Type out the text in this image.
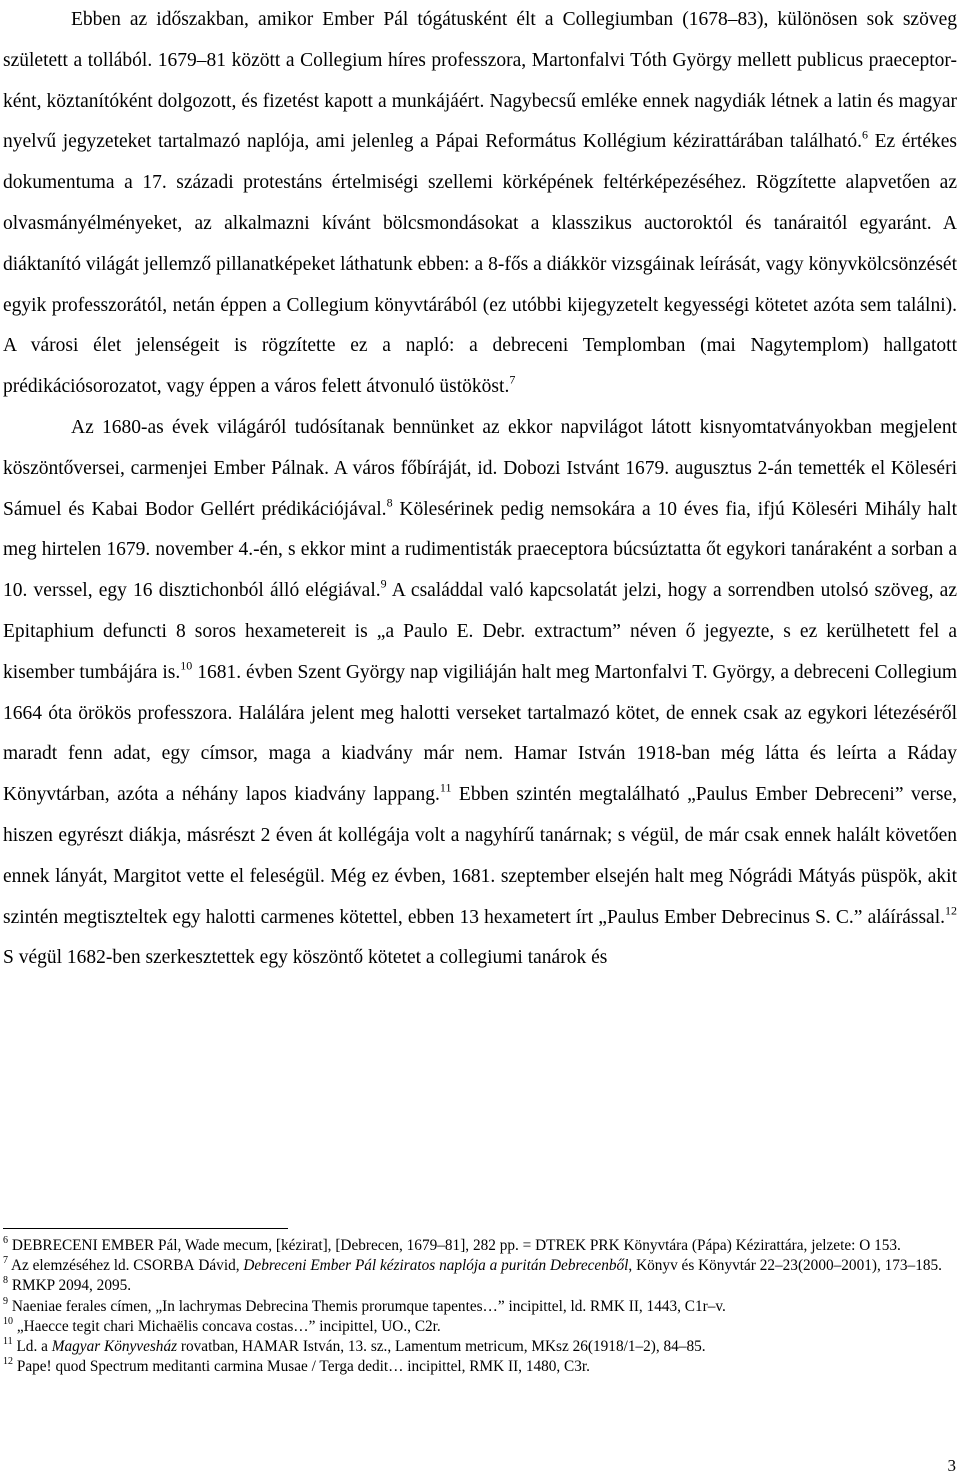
Ebben az időszakban, amikor Ember Pál tógátusként élt a Collegiumban (1678–83), különösen sok szöveg született a tollából. 1679–81 között a Collegium híres professzora, Martonfalvi Tóth György mellett publicus praeceptor-ként, köztanítóként dolgozott, és fizetést kapott a munkájáért. Nagybecsű emléke ennek nagydiák létnek a latin és magyar nyelvű jegyzeteket tartalmazó naplója, ami jelenleg a Pápai Református Kollégium kézirattárában található.$^6$ Ez értékes dokumentuma a 17. századi protestáns értelmiségi szellemi körképének feltérképezéséhez. Rögzítette alapvetően az olvasmányélményeket, az alkalmazni kívánt bölcsmondásokat a klasszikus auctoroktól és tanáraitól egyaránt. A diáktanító világát jellemző pillanatképeket láthatunk ebben: a 8-fős a diákkör vizsgáinak leírását, vagy könyvkölcsönzését egyik professzorától, netán éppen a Collegium könyvtárából (ez utóbbi kijegyzetelt kegyességi kötetet azóta sem találni). A városi élet jelenségeit is rögzítette ez a napló: a debreceni Templomban (mai Nagytemplom) hallgatott prédikációsorozatot, vagy éppen a város felett átvonuló üstököst.$^7$

Az 1680-as évek világáról tudósítanak bennünket az ekkor napvilágot látott kisnyomtatványokban megjelent köszöntőversei, carmenjei Ember Pálnak. A város főbíráját, id. Dobozi Istvánt 1679. augusztus 2-án temették el Köleséri Sámuel és Kabai Bodor Gellért prédikációjával.$^8$ Kölesérinek pedig nemsokára a 10 éves fia, ifjú Köleséri Mihály halt meg hirtelen 1679. november 4.-én, s ekkor mint a rudimentisták praeceptora búcsúztatta őt egykori tanáraként a sorban a 10. verssel, egy 16 disztichonból álló elégiával.$^9$ A családdal való kapcsolatát jelzi, hogy a sorrendben utolsó szöveg, az Epitaphium defuncti 8 soros hexametereit is „a Paulo E. Debr. extractum” néven ő jegyezte, s ez kerülhetett fel a kisember tumbájára is.$^{10}$ 1681. évben Szent György nap vigiliáján halt meg Martonfalvi T. György, a debreceni Collegium 1664 óta örökös professzora. Halálára jelent meg halotti verseket tartalmazó kötet, de ennek csak az egykori létezéséről maradt fenn adat, egy címsor, maga a kiadvány már nem. Hamar István 1918-ban még látta és leírta a Ráday Könyvtárban, azóta a néhány lapos kiadvány lappang.$^{11}$ Ebben szintén megtalálható „Paulus Ember Debreceni” verse, hiszen egyrészt diákja, másrészt 2 éven át kollégája volt a nagyhírű tanárnak; s végül, de már csak ennek halált követően ennek lányát, Margitot vette el feleségül. Még ez évben, 1681. szeptember elsején halt meg Nógrádi Mátyás püspök, akit szintén megtiszteltek egy halotti carmenes kötettel, ebben 13 hexametert írt „Paulus Ember Debrecinus S. C.” aláírással.$^{12}$ S végül 1682-ben szerkesztettek egy köszöntő kötetet a collegiumi tanárok és

$^6$ DEBRECENI EMBER Pál, Wade mecum, [kézirat], [Debrecen, 1679–81], 282 pp. = DTREK PRK Könyvtára (Pápa) Kézirattára, jelzete: O 153.

$^7$ Az elemzéséhez ld. CSORBA Dávid, Debreceni Ember Pál kéziratos naplója a puritán Debrecenből, Könyv és Könyvtár 22–23(2000–2001), 173–185.

$^8$ RMKP 2094, 2095.

$^9$ Naeniae ferales címen, „In lachrymas Debrecina Themis prorumque tapentes…” incipittel, ld. RMK II, 1443, C1r–v.

$^{10}$ „Haecce tegit chari Michaëlis concava costas…” incipittel, UO., C2r.

$^{11}$ Ld. a Magyar Könyvesház rovatban, HAMAR István, 13. sz., Lamentum metricum, MKsz 26(1918/1–2), 84–85.

$^{12}$ Pape! quod Spectrum meditanti carmina Musae / Terga dedit… incipittel, RMK II, 1480, C3r.

3
